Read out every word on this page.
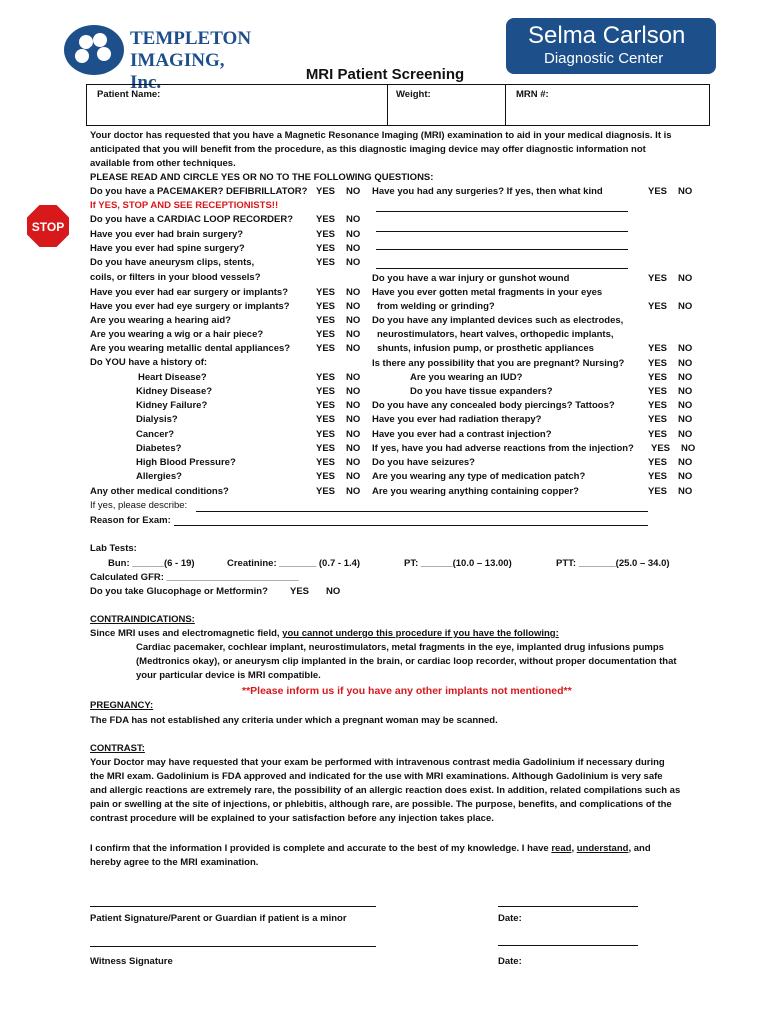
TEMPLETON
IMAGING, Inc.
Selma Carlson
Diagnostic Center
MRI Patient Screening
Patient Name:	Weight:	MRN #:
Your doctor has requested that you have a Magnetic Resonance Imaging (MRI) examination to aid in your medical diagnosis. It is
anticipated that you will benefit from the procedure, as this diagnostic imaging device may offer diagnostic information not
available from other techniques.
PLEASE READ AND CIRCLE YES OR NO TO THE FOLLOWING QUESTIONS:
STOP
Do you have a PACEMAKER? DEFIBRILLATOR? YES NO
If YES, STOP AND SEE RECEPTIONISTS!!
Do you have a CARDIAC LOOP RECORDER? YES NO
Have you ever had brain surgery?	YES NO
Have you ever had spine surgery?	YES NO
Do you have aneurysm clips, stents,	YES NO
coils, or filters in your blood vessels?
Have you ever had ear surgery or implants?	YES NO
Have you ever had eye surgery or implants?	YES NO
Are you wearing a hearing aid?	YES NO
Are you wearing a wig or a hair piece?	YES NO
Are you wearing metallic dental appliances?	YES NO
Do YOU have a history of:
Heart Disease?	YES NO
Kidney Disease?	YES NO
Kidney Failure?	YES NO
Dialysis?	YES NO
Cancer?	YES NO
Diabetes?	YES NO
High Blood Pressure?	YES NO
Allergies?	YES NO
Any other medical conditions?	YES NO
Have you had any surgeries? If yes, then what kind	YES NO
Do you have a war injury or gunshot wound	YES NO
Have you ever gotten metal fragments in your eyes
from welding or grinding?	YES NO
Do you have any implanted devices such as electrodes,
neurostimulators, heart valves, orthopedic implants,
shunts, infusion pump, or prosthetic appliances	YES NO
Is there any possibility that you are pregnant? Nursing? YES NO
Are you wearing an IUD?	YES NO
Do you have tissue expanders?	YES NO
Do you have any concealed body piercings? Tattoos?	YES NO
Have you ever had radiation therapy?	YES NO
Have you ever had a contrast injection?	YES NO
If yes, have you had adverse reactions from the injection? YES NO
Do you have seizures?	YES NO
Are you wearing any type of medication patch?	YES NO
Are you wearing anything containing copper?	YES NO
If yes, please describe:
Reason for Exam:
Lab Tests:
Bun: ______(6 - 19)	Creatinine: _______ (0.7 - 1.4)	PT: ______(10.0 – 13.00)	PTT: _______(25.0 – 34.0)
Calculated GFR: _________________________
Do you take Glucophage or Metformin? YES NO
CONTRAINDICATIONS:
Since MRI uses and electromagnetic field, you cannot undergo this procedure if you have the following:
Cardiac pacemaker, cochlear implant, neurostimulators, metal fragments in the eye, implanted drug infusions pumps
(Medtronics okay), or aneurysm clip implanted in the brain, or cardiac loop recorder, without proper documentation that
your particular device is MRI compatible.
**Please inform us if you have any other implants not mentioned**
PREGNANCY:
The FDA has not established any criteria under which a pregnant woman may be scanned.
CONTRAST:
Your Doctor may have requested that your exam be performed with intravenous contrast media Gadolinium if necessary during
the MRI exam. Gadolinium is FDA approved and indicated for the use with MRI examinations. Although Gadolinium is very safe
and allergic reactions are extremely rare, the possibility of an allergic reaction does exist. In addition, related compilations such as
pain or swelling at the site of injections, or phlebitis, although rare, are possible. The purpose, benefits, and complications of the
contrast procedure will be explained to your satisfaction before any injection takes place.
I confirm that the information I provided is complete and accurate to the best of my knowledge. I have read, understand, and
hereby agree to the MRI examination.
Patient Signature/Parent or Guardian if patient is a minor	Date:
Witness Signature	Date:
